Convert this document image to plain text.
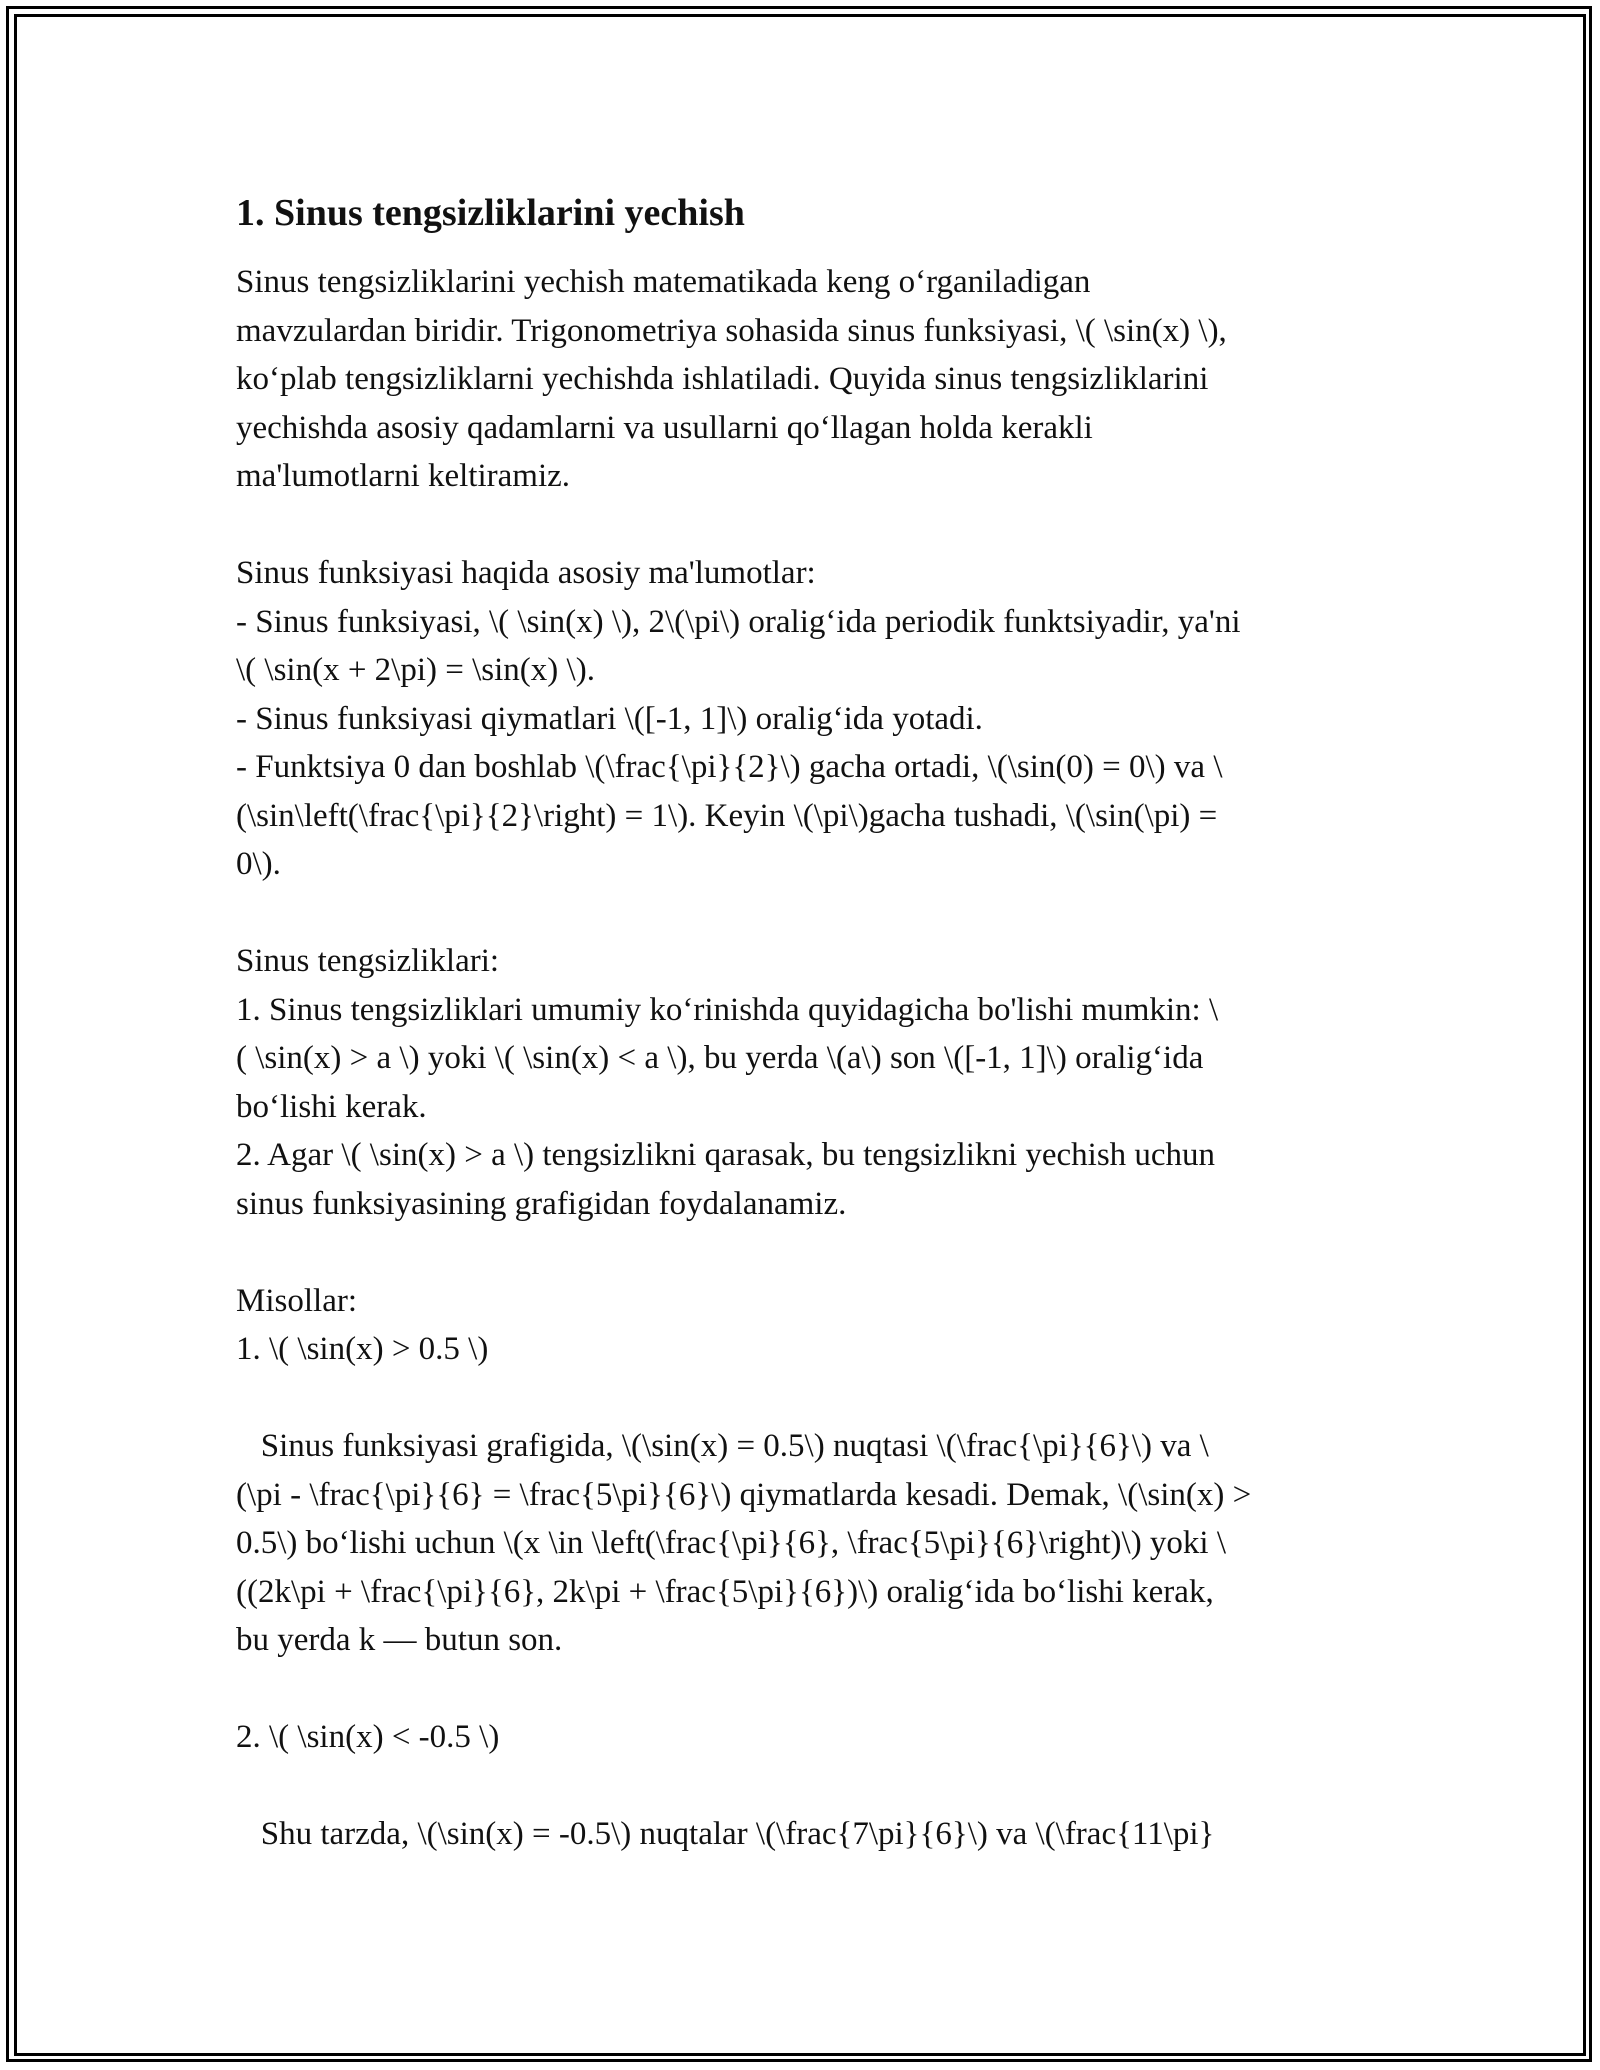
1. Sinus tengsizliklarini yechish
Sinus tengsizliklarini yechish matematikada keng o‘rganiladigan
mavzulardan biridir. Trigonometriya sohasida sinus funksiyasi, \( \sin(x) \),
ko‘plab tengsizliklarni yechishda ishlatiladi. Quyida sinus tengsizliklarini
yechishda asosiy qadamlarni va usullarni qo‘llagan holda kerakli
ma'lumotlarni keltiramiz.
Sinus funksiyasi haqida asosiy ma'lumotlar:
- Sinus funksiyasi, \( \sin(x) \), 2\(\pi\) oralig‘ida periodik funktsiyadir, ya'ni
\( \sin(x + 2\pi) = \sin(x) \).
- Sinus funksiyasi qiymatlari \([-1, 1]\) oralig‘ida yotadi.
- Funktsiya 0 dan boshlab \(\frac{\pi}{2}\) gacha ortadi, \(\sin(0) = 0\) va \
(\sin\left(\frac{\pi}{2}\right) = 1\). Keyin \(\pi\)gacha tushadi, \(\sin(\pi) =
0\).
Sinus tengsizliklari:
1. Sinus tengsizliklari umumiy ko‘rinishda quyidagicha bo'lishi mumkin: \
( \sin(x) > a \) yoki \( \sin(x) < a \), bu yerda \(a\) son \([-1, 1]\) oralig‘ida
bo‘lishi kerak.
2. Agar \( \sin(x) > a \) tengsizlikni qarasak, bu tengsizlikni yechish uchun
sinus funksiyasining grafigidan foydalanamiz.
Misollar:
1. \( \sin(x) > 0.5 \)
Sinus funksiyasi grafigida, \(\sin(x) = 0.5\) nuqtasi \(\frac{\pi}{6}\) va \
(\pi - \frac{\pi}{6} = \frac{5\pi}{6}\) qiymatlarda kesadi. Demak, \(\sin(x) >
0.5\) bo‘lishi uchun \(x \in \left(\frac{\pi}{6}, \frac{5\pi}{6}\right)\) yoki \
((2k\pi + \frac{\pi}{6}, 2k\pi + \frac{5\pi}{6})\) oralig‘ida bo‘lishi kerak,
bu yerda k — butun son.
2. \( \sin(x) < -0.5 \)
Shu tarzda, \(\sin(x) = -0.5\) nuqtalar \(\frac{7\pi}{6}\) va \(\frac{11\pi}
